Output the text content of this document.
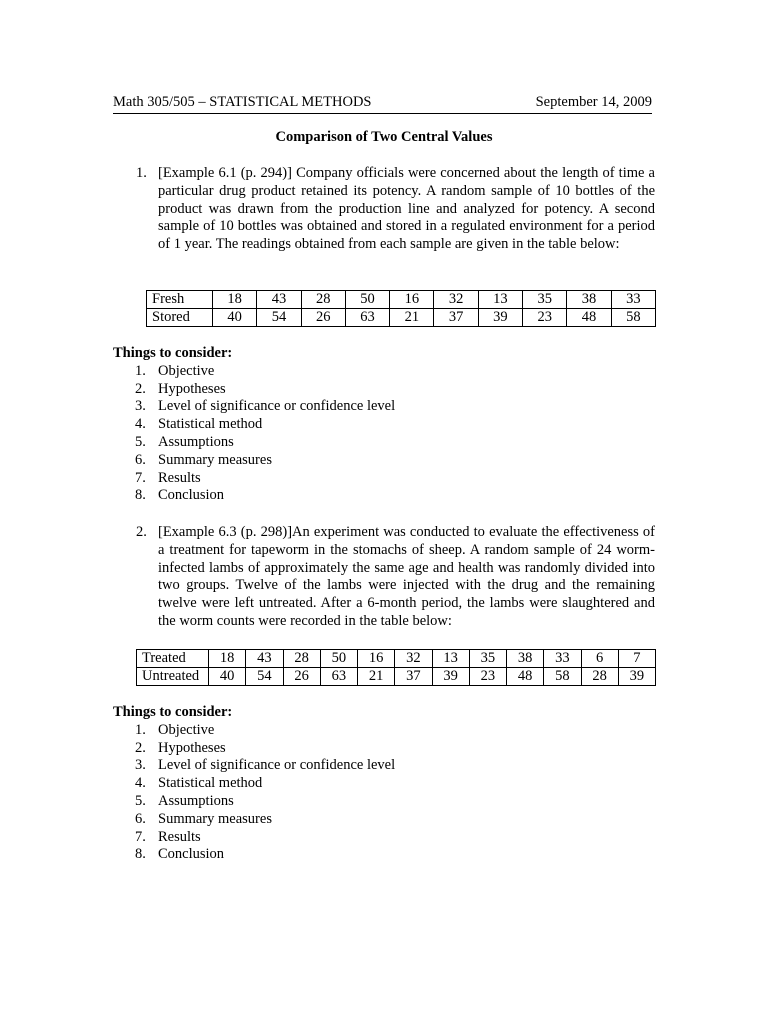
Math 305/505 – STATISTICAL METHODS	September 14, 2009
Comparison of Two Central Values
1. [Example 6.1 (p. 294)] Company officials were concerned about the length of time a particular drug product retained its potency. A random sample of 10 bottles of the product was drawn from the production line and analyzed for potency. A second sample of 10 bottles was obtained and stored in a regulated environment for a period of 1 year. The readings obtained from each sample are given in the table below:
Fresh	18	43	28	50	16	32	13	35	38	33
Stored	40	54	26	63	21	37	39	23	48	58
Things to consider:
1. Objective
2. Hypotheses
3. Level of significance or confidence level
4. Statistical method
5. Assumptions
6. Summary measures
7. Results
8. Conclusion
2. [Example 6.3 (p. 298)]An experiment was conducted to evaluate the effectiveness of a treatment for tapeworm in the stomachs of sheep. A random sample of 24 worm-infected lambs of approximately the same age and health was randomly divided into two groups. Twelve of the lambs were injected with the drug and the remaining twelve were left untreated. After a 6-month period, the lambs were slaughtered and the worm counts were recorded in the table below:
Treated	18	43	28	50	16	32	13	35	38	33	6	7
Untreated	40	54	26	63	21	37	39	23	48	58	28	39
Things to consider:
1. Objective
2. Hypotheses
3. Level of significance or confidence level
4. Statistical method
5. Assumptions
6. Summary measures
7. Results
8. Conclusion
